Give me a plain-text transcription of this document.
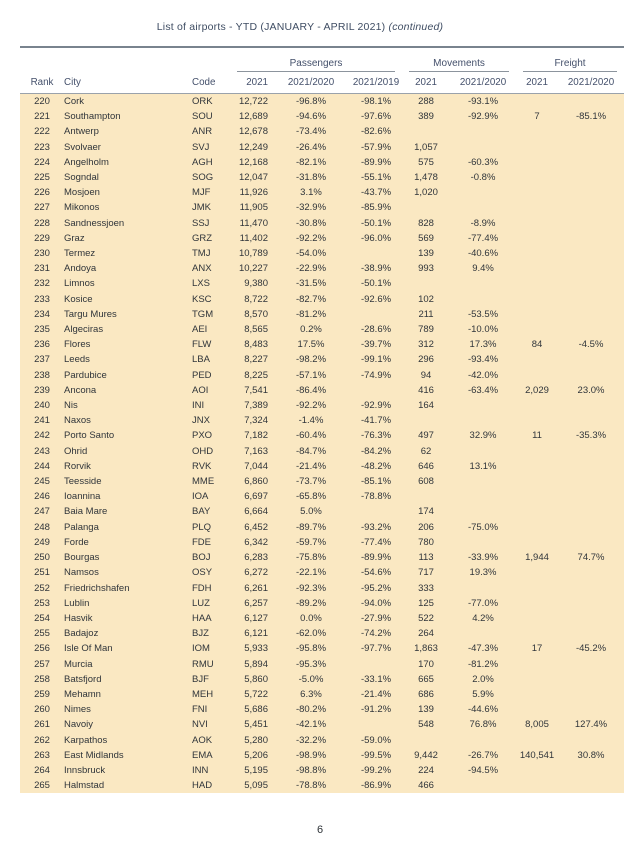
List of airports - YTD (JANUARY - APRIL 2021) (continued)

			Passengers			Movements		Freight	

Rank	City	Code	2021	2021/2020	2021/2019	2021	2021/2020	2021	2021/2020
220	Cork	ORK	12,722	-96.8%	-98.1%	288	-93.1%		
221	Southampton	SOU	12,689	-94.6%	-97.6%	389	-92.9%	7	-85.1%
222	Antwerp	ANR	12,678	-73.4%	-82.6%				
223	Svolvaer	SVJ	12,249	-26.4%	-57.9%	1,057			
224	Angelholm	AGH	12,168	-82.1%	-89.9%	575	-60.3%		
225	Sogndal	SOG	12,047	-31.8%	-55.1%	1,478	-0.8%		
226	Mosjoen	MJF	11,926	3.1%	-43.7%	1,020			
227	Mikonos	JMK	11,905	-32.9%	-85.9%				
228	Sandnessjoen	SSJ	11,470	-30.8%	-50.1%	828	-8.9%		
229	Graz	GRZ	11,402	-92.2%	-96.0%	569	-77.4%		
230	Termez	TMJ	10,789	-54.0%		139	-40.6%		
231	Andoya	ANX	10,227	-22.9%	-38.9%	993	9.4%		
232	Limnos	LXS	9,380	-31.5%	-50.1%				
233	Kosice	KSC	8,722	-82.7%	-92.6%	102			
234	Targu Mures	TGM	8,570	-81.2%		211	-53.5%		
235	Algeciras	AEI	8,565	0.2%	-28.6%	789	-10.0%		
236	Flores	FLW	8,483	17.5%	-39.7%	312	17.3%	84	-4.5%
237	Leeds	LBA	8,227	-98.2%	-99.1%	296	-93.4%		
238	Pardubice	PED	8,225	-57.1%	-74.9%	94	-42.0%		
239	Ancona	AOI	7,541	-86.4%		416	-63.4%	2,029	23.0%
240	Nis	INI	7,389	-92.2%	-92.9%	164			
241	Naxos	JNX	7,324	-1.4%	-41.7%				
242	Porto Santo	PXO	7,182	-60.4%	-76.3%	497	32.9%	11	-35.3%
243	Ohrid	OHD	7,163	-84.7%	-84.2%	62			
244	Rorvik	RVK	7,044	-21.4%	-48.2%	646	13.1%		
245	Teesside	MME	6,860	-73.7%	-85.1%	608			
246	Ioannina	IOA	6,697	-65.8%	-78.8%				
247	Baia Mare	BAY	6,664	5.0%		174			
248	Palanga	PLQ	6,452	-89.7%	-93.2%	206	-75.0%		
249	Forde	FDE	6,342	-59.7%	-77.4%	780			
250	Bourgas	BOJ	6,283	-75.8%	-89.9%	113	-33.9%	1,944	74.7%
251	Namsos	OSY	6,272	-22.1%	-54.6%	717	19.3%		
252	Friedrichshafen	FDH	6,261	-92.3%	-95.2%	333			
253	Lublin	LUZ	6,257	-89.2%	-94.0%	125	-77.0%		
254	Hasvik	HAA	6,127	0.0%	-27.9%	522	4.2%		
255	Badajoz	BJZ	6,121	-62.0%	-74.2%	264			
256	Isle Of Man	IOM	5,933	-95.8%	-97.7%	1,863	-47.3%	17	-45.2%
257	Murcia	RMU	5,894	-95.3%		170	-81.2%		
258	Batsfjord	BJF	5,860	-5.0%	-33.1%	665	2.0%		
259	Mehamn	MEH	5,722	6.3%	-21.4%	686	5.9%		
260	Nimes	FNI	5,686	-80.2%	-91.2%	139	-44.6%		
261	Navoiy	NVI	5,451	-42.1%		548	76.8%	8,005	127.4%
262	Karpathos	AOK	5,280	-32.2%	-59.0%				
263	East Midlands	EMA	5,206	-98.9%	-99.5%	9,442	-26.7%	140,541	30.8%
264	Innsbruck	INN	5,195	-98.8%	-99.2%	224	-94.5%		
265	Halmstad	HAD	5,095	-78.8%	-86.9%	466			
6
